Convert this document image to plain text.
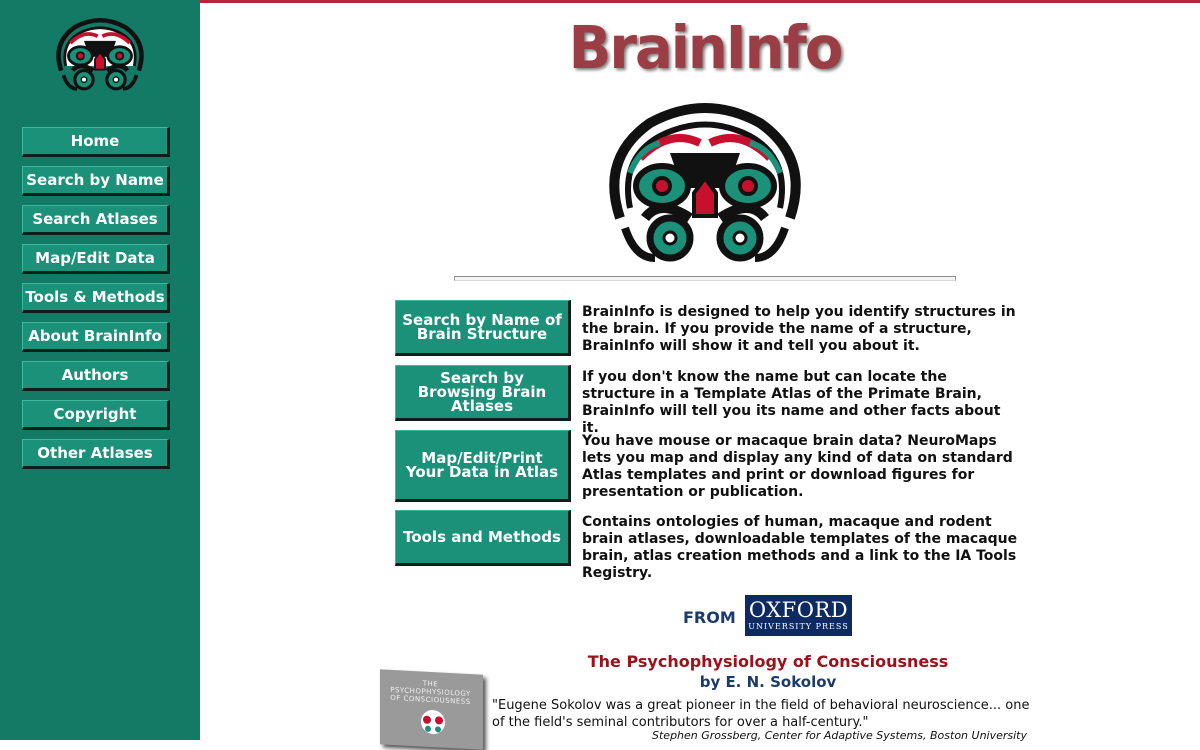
Home
Search by Name
Search Atlases
Map/Edit Data
Tools & Methods
About BrainInfo
Authors
Copyright
Other Atlases
BrainInfo
Search by Name of Brain Structure
BrainInfo is designed to help you identify structures in the brain. If you provide the name of a structure, BrainInfo will show it and tell you about it.
Search by Browsing Brain Atlases
If you don't know the name but can locate the structure in a Template Atlas of the Primate Brain, BrainInfo will tell you its name and other facts about it.
Map/Edit/Print Your Data in Atlas
You have mouse or macaque brain data? NeuroMaps lets you map and display any kind of data on standard Atlas templates and print or download figures for presentation or publication.
Tools and Methods
Contains ontologies of human, macaque and rodent brain atlases, downloadable templates of the macaque brain, atlas creation methods and a link to the IA Tools Registry.
FROM OXFORD
UNIVERSITY PRESS
The Psychophysiology of Consciousness
by E. N. Sokolov
THE PSYCHOPHYSIOLOGY OF CONSCIOUSNESS "Eugene Sokolov was a great pioneer in the field of behavioral neuroscience... one of the field's seminal contributors for over a half-century."
Stephen Grossberg, Center for Adaptive Systems, Boston University
